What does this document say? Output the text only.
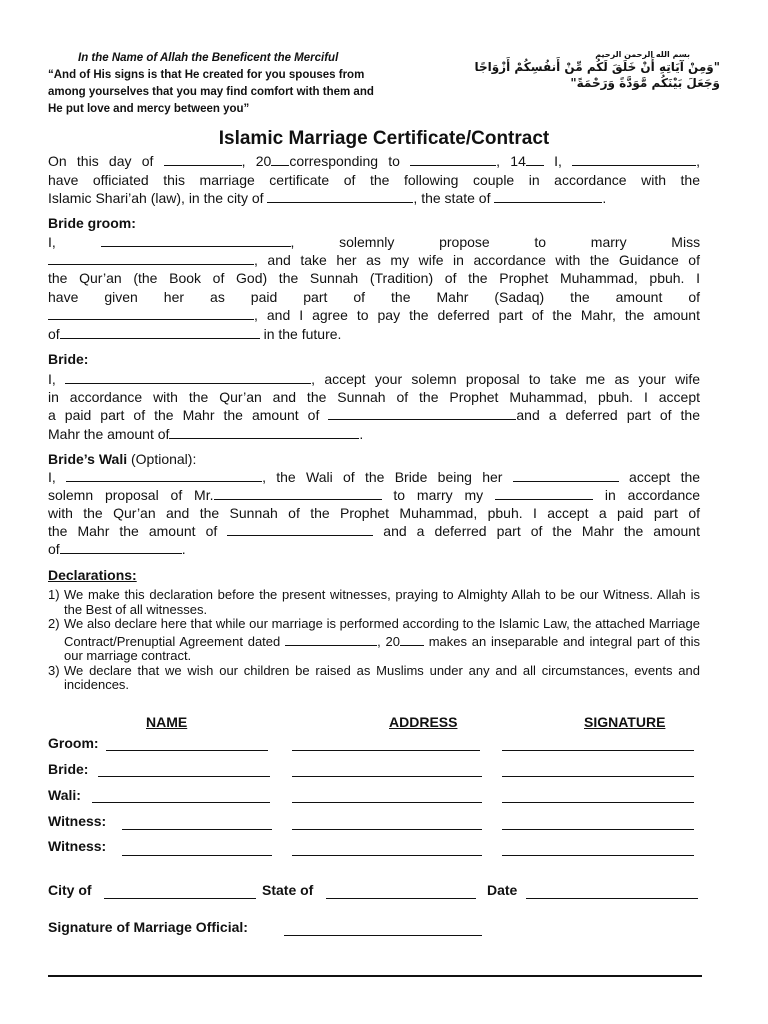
In the Name of Allah the Beneficent the Merciful
“And of His signs is that He created for you spouses from
among yourselves that you may find comfort with them and
He put love and mercy between you”
بسم الله الرحمن الرحيم
"وَمِنْ آيَاتِهِ أَنْ خَلَقَ لَكُم مِّنْ أَنفُسِكُمْ أَزْوَاجًا
وَجَعَلَ بَيْنَكُم مَّوَدَّةً وَرَحْمَةً"
Islamic Marriage Certificate/Contract
On this day of	, 20 corresponding to	, 14 I,	,
have officiated this marriage certificate of the following couple in accordance with the
Islamic Shari’ah (law), in the city of	, the state of	.
Bride groom:
I,	,	solemnly	propose	to	marry	Miss
, and take her as my wife in accordance with the Guidance of
the Qur’an (the Book of God) the Sunnah (Tradition) of the Prophet Muhammad, pbuh. I
have given her as paid part of the Mahr (Sadaq) the amount of
, and I agree to pay the deferred part of the Mahr, the amount
of	in the future.
Bride:
I,	, accept your solemn proposal to take me as your wife
in accordance with the Qur’an and the Sunnah of the Prophet Muhammad, pbuh. I accept
a paid part of the Mahr the amount of	and a deferred part of the
Mahr the amount of	.
Bride’s Wali (Optional):
I,	, the Wali of the Bride being her	accept the
solemn proposal of Mr.	to marry my	in accordance
with the Qur’an and the Sunnah of the Prophet Muhammad, pbuh. I accept a paid part of
the Mahr the amount of	and a deferred part of the Mahr the amount
of	.
Declarations:
1) We make this declaration before the present witnesses, praying to Almighty Allah to be our Witness. Allah is the Best of all witnesses.
2) We also declare here that while our marriage is performed according to the Islamic Law, the attached Marriage Contract/Prenuptial Agreement dated	, 20 makes an inseparable and integral part of this our marriage contract.
3) We declare that we wish our children be raised as Muslims under any and all circumstances, events and incidences.
NAME	ADDRESS	SIGNATURE
Groom:
Bride:
Wali:
Witness:
Witness:
City of	State of	Date
Signature of Marriage Official:
